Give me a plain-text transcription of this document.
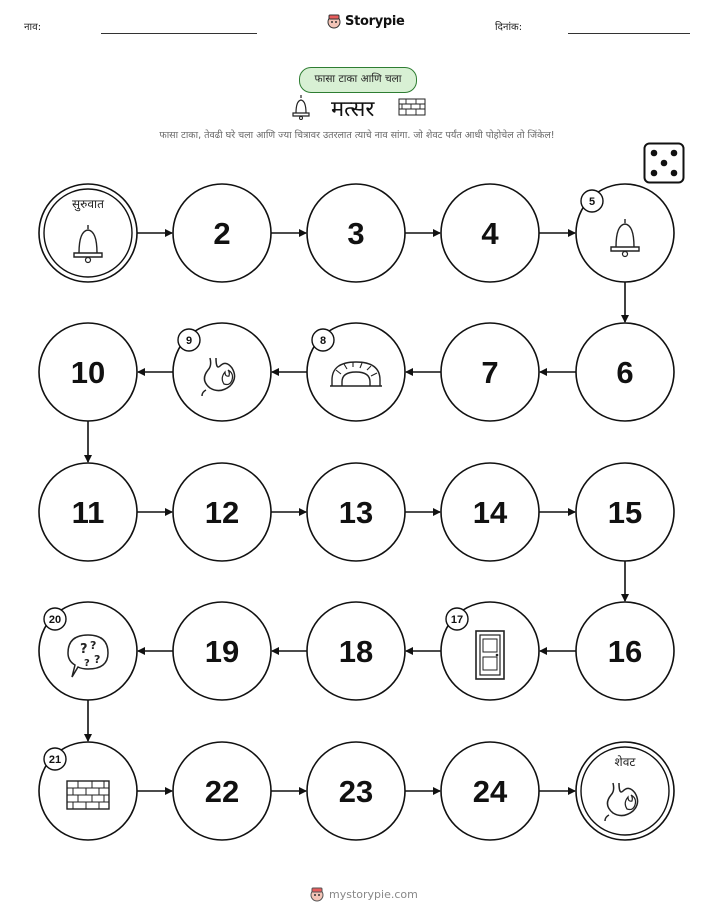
नाव:	Storypie	दिनांक:
फासा टाका आणि चला
मत्सर
फासा टाका, तेवढी घरे चला आणि ज्या चित्रावर उतरलात त्याचे नाव सांगा. जो शेवट पर्यंत आधी पोहोचेल तो जिंकेल!
?
सुरुवात
2	3	4
5
6
7
8
9
10
11	12	13	14	15
16
17
18
19
20
21
22	23	24
शेवट
mystorypie.com
